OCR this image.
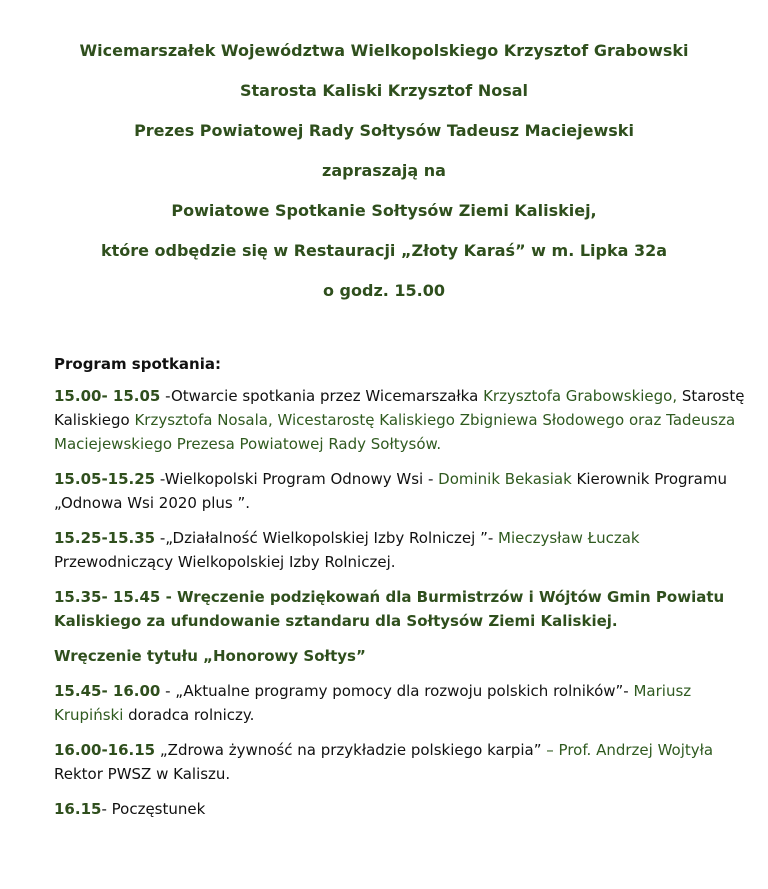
Wicemarszałek Województwa Wielkopolskiego Krzysztof Grabowski
Starosta Kaliski Krzysztof Nosal
Prezes Powiatowej Rady Sołtysów Tadeusz Maciejewski
zapraszają na
Powiatowe Spotkanie Sołtysów Ziemi Kaliskiej,
które odbędzie się w Restauracji „Złoty Karaś” w m. Lipka 32a
o godz. 15.00
Program spotkania:
15.00- 15.05 -Otwarcie spotkania przez Wicemarszałka Krzysztofa Grabowskiego, Starostę Kaliskiego Krzysztofa Nosala, Wicestarostę Kaliskiego Zbigniewa Słodowego oraz Tadeusza Maciejewskiego Prezesa Powiatowej Rady Sołtysów.
15.05-15.25 -Wielkopolski Program Odnowy Wsi - Dominik Bekasiak Kierownik Programu „Odnowa Wsi 2020 plus ”.
15.25-15.35 -„Działalność Wielkopolskiej Izby Rolniczej ”- Mieczysław Łuczak Przewodniczący Wielkopolskiej Izby Rolniczej.
15.35- 15.45 - Wręczenie podziękowań dla Burmistrzów i Wójtów Gmin Powiatu Kaliskiego za ufundowanie sztandaru dla Sołtysów Ziemi Kaliskiej.
Wręczenie tytułu „Honorowy Sołtys”
15.45- 16.00 - „Aktualne programy pomocy dla rozwoju polskich rolników”- Mariusz Krupiński doradca rolniczy.
16.00-16.15 „Zdrowa żywność na przykładzie polskiego karpia” – Prof. Andrzej Wojtyła Rektor PWSZ w Kaliszu.
16.15- Poczęstunek
